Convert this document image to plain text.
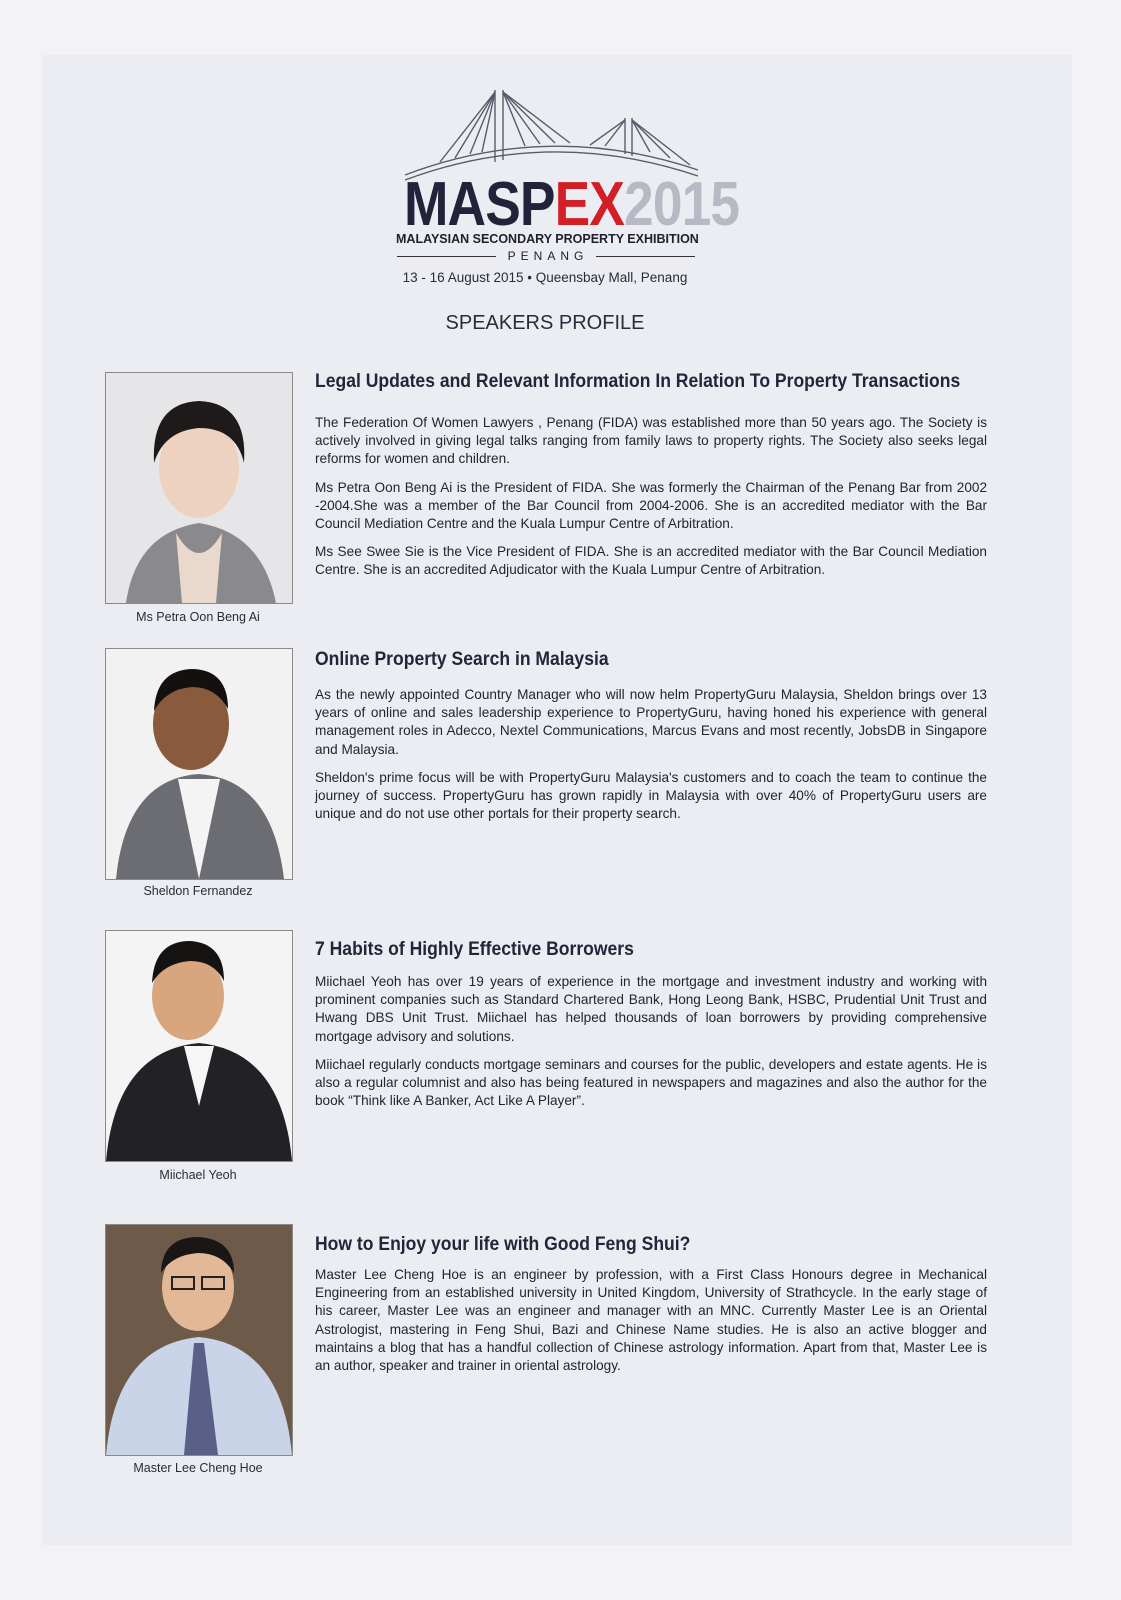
MASPEX2015
MALAYSIAN SECONDARY PROPERTY EXHIBITION
PENANG
13 - 16 August 2015 • Queensbay Mall, Penang
SPEAKERS PROFILE
Ms Petra Oon Beng Ai
Legal Updates and Relevant Information In Relation To Property Transactions

The Federation Of Women Lawyers , Penang (FIDA) was established more than 50 years ago. The Society is actively involved in giving legal talks ranging from family laws to property rights. The Society also seeks legal reforms for women and children.

Ms Petra Oon Beng Ai is the President of FIDA. She was formerly the Chairman of the Penang Bar from 2002 -2004.She was a member of the Bar Council from 2004-2006. She is an accredited mediator with the Bar Council Mediation Centre and the Kuala Lumpur Centre of Arbitration.

Ms See Swee Sie is the Vice President of FIDA. She is an accredited mediator with the Bar Council Mediation Centre. She is an accredited Adjudicator with the Kuala Lumpur Centre of Arbitration.

Sheldon Fernandez
Online Property Search in Malaysia

As the newly appointed Country Manager who will now helm PropertyGuru Malaysia, Sheldon brings over 13 years of online and sales leadership experience to PropertyGuru, having honed his experience with general management roles in Adecco, Nextel Communications, Marcus Evans and most recently, JobsDB in Singapore and Malaysia.

Sheldon's prime focus will be with PropertyGuru Malaysia's customers and to coach the team to continue the journey of success. PropertyGuru has grown rapidly in Malaysia with over 40% of PropertyGuru users are unique and do not use other portals for their property search.

Miichael Yeoh
7 Habits of Highly Effective Borrowers

Miichael Yeoh has over 19 years of experience in the mortgage and investment industry and working with prominent companies such as Standard Chartered Bank, Hong Leong Bank, HSBC, Prudential Unit Trust and Hwang DBS Unit Trust. Miichael has helped thousands of loan borrowers by providing comprehensive mortgage advisory and solutions.

Miichael regularly conducts mortgage seminars and courses for the public, developers and estate agents. He is also a regular columnist and also has being featured in newspapers and magazines and also the author for the book “Think like A Banker, Act Like A Player”.

Master Lee Cheng Hoe
How to Enjoy your life with Good Feng Shui?

Master Lee Cheng Hoe is an engineer by profession, with a First Class Honours degree in Mechanical Engineering from an established university in United Kingdom, University of Strathcycle. In the early stage of his career, Master Lee was an engineer and manager with an MNC. Currently Master Lee is an Oriental Astrologist, mastering in Feng Shui, Bazi and Chinese Name studies. He is also an active blogger and maintains a blog that has a handful collection of Chinese astrology information. Apart from that, Master Lee is an author, speaker and trainer in oriental astrology.
